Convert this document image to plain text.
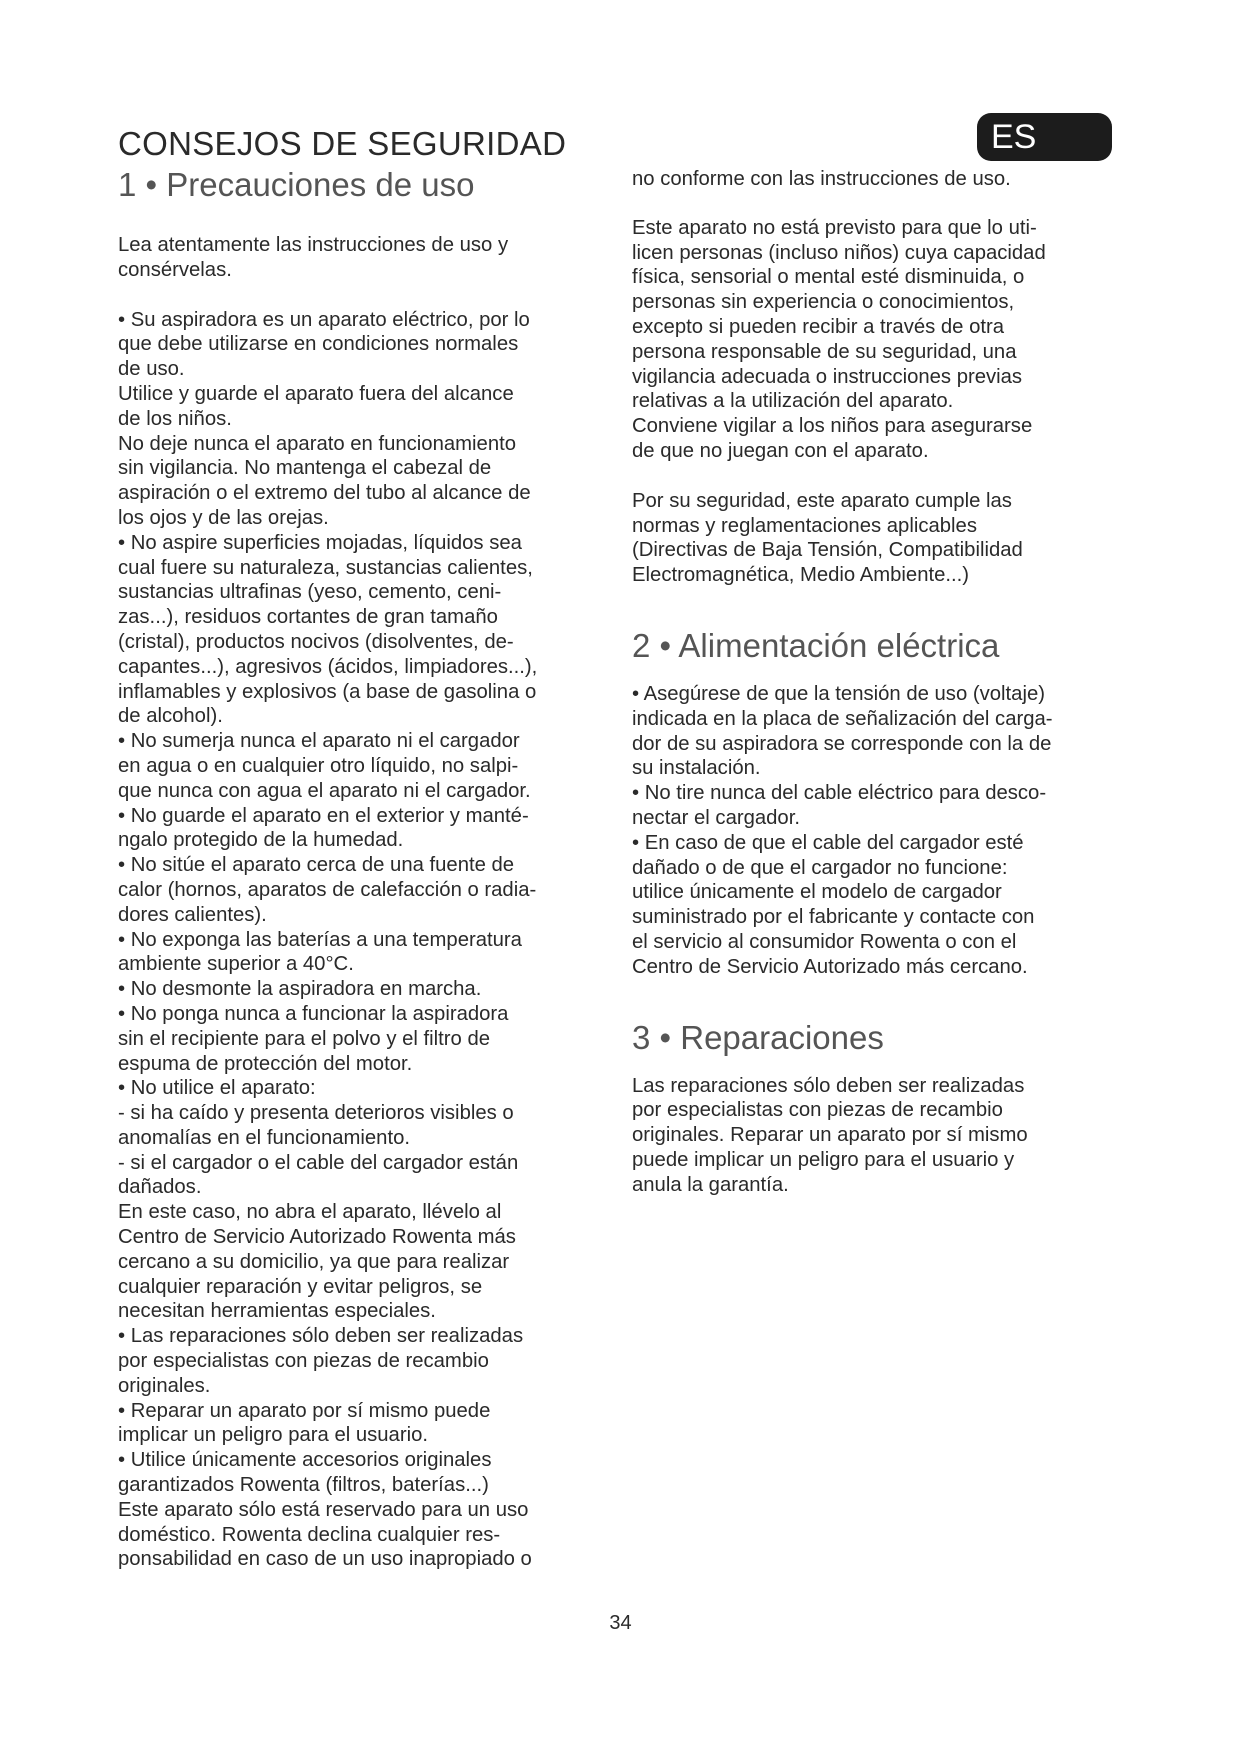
CONSEJOS DE SEGURIDAD	ES
1 • Precauciones de uso

Lea atentamente las instrucciones de uso y
consérvelas.

• Su aspiradora es un aparato eléctrico, por lo
que debe utilizarse en condiciones normales
de uso.
Utilice y guarde el aparato fuera del alcance
de los niños.
No deje nunca el aparato en funcionamiento
sin vigilancia. No mantenga el cabezal de
aspiración o el extremo del tubo al alcance de
los ojos y de las orejas.
• No aspire superficies mojadas, líquidos sea
cual fuere su naturaleza, sustancias calientes,
sustancias ultrafinas (yeso, cemento, ceni-
zas...), residuos cortantes de gran tamaño
(cristal), productos nocivos (disolventes, de-
capantes...), agresivos (ácidos, limpiadores...),
inflamables y explosivos (a base de gasolina o
de alcohol).
• No sumerja nunca el aparato ni el cargador
en agua o en cualquier otro líquido, no salpi-
que nunca con agua el aparato ni el cargador.
• No guarde el aparato en el exterior y manté-
ngalo protegido de la humedad.
• No sitúe el aparato cerca de una fuente de
calor (hornos, aparatos de calefacción o radia-
dores calientes).
• No exponga las baterías a una temperatura
ambiente superior a 40°C.
• No desmonte la aspiradora en marcha.
• No ponga nunca a funcionar la aspiradora
sin el recipiente para el polvo y el filtro de
espuma de protección del motor.
• No utilice el aparato:
- si ha caído y presenta deterioros visibles o
anomalías en el funcionamiento.
- si el cargador o el cable del cargador están
dañados.
En este caso, no abra el aparato, llévelo al
Centro de Servicio Autorizado Rowenta más
cercano a su domicilio, ya que para realizar
cualquier reparación y evitar peligros, se
necesitan herramientas especiales.
• Las reparaciones sólo deben ser realizadas
por especialistas con piezas de recambio
originales.
• Reparar un aparato por sí mismo puede
implicar un peligro para el usuario.
• Utilice únicamente accesorios originales
garantizados Rowenta (filtros, baterías...)
Este aparato sólo está reservado para un uso
doméstico. Rowenta declina cualquier res-
ponsabilidad en caso de un uso inapropiado o

no conforme con las instrucciones de uso.

Este aparato no está previsto para que lo uti-
licen personas (incluso niños) cuya capacidad
física, sensorial o mental esté disminuida, o
personas sin experiencia o conocimientos,
excepto si pueden recibir a través de otra
persona responsable de su seguridad, una
vigilancia adecuada o instrucciones previas
relativas a la utilización del aparato.
Conviene vigilar a los niños para asegurarse
de que no juegan con el aparato.

Por su seguridad, este aparato cumple las
normas y reglamentaciones aplicables
(Directivas de Baja Tensión, Compatibilidad
Electromagnética, Medio Ambiente...)

2 • Alimentación eléctrica

• Asegúrese de que la tensión de uso (voltaje)
indicada en la placa de señalización del carga-
dor de su aspiradora se corresponde con la de
su instalación.
• No tire nunca del cable eléctrico para desco-
nectar el cargador.
• En caso de que el cable del cargador esté
dañado o de que el cargador no funcione:
utilice únicamente el modelo de cargador
suministrado por el fabricante y contacte con
el servicio al consumidor Rowenta o con el
Centro de Servicio Autorizado más cercano.

3 • Reparaciones

Las reparaciones sólo deben ser realizadas
por especialistas con piezas de recambio
originales. Reparar un aparato por sí mismo
puede implicar un peligro para el usuario y
anula la garantía.

34
